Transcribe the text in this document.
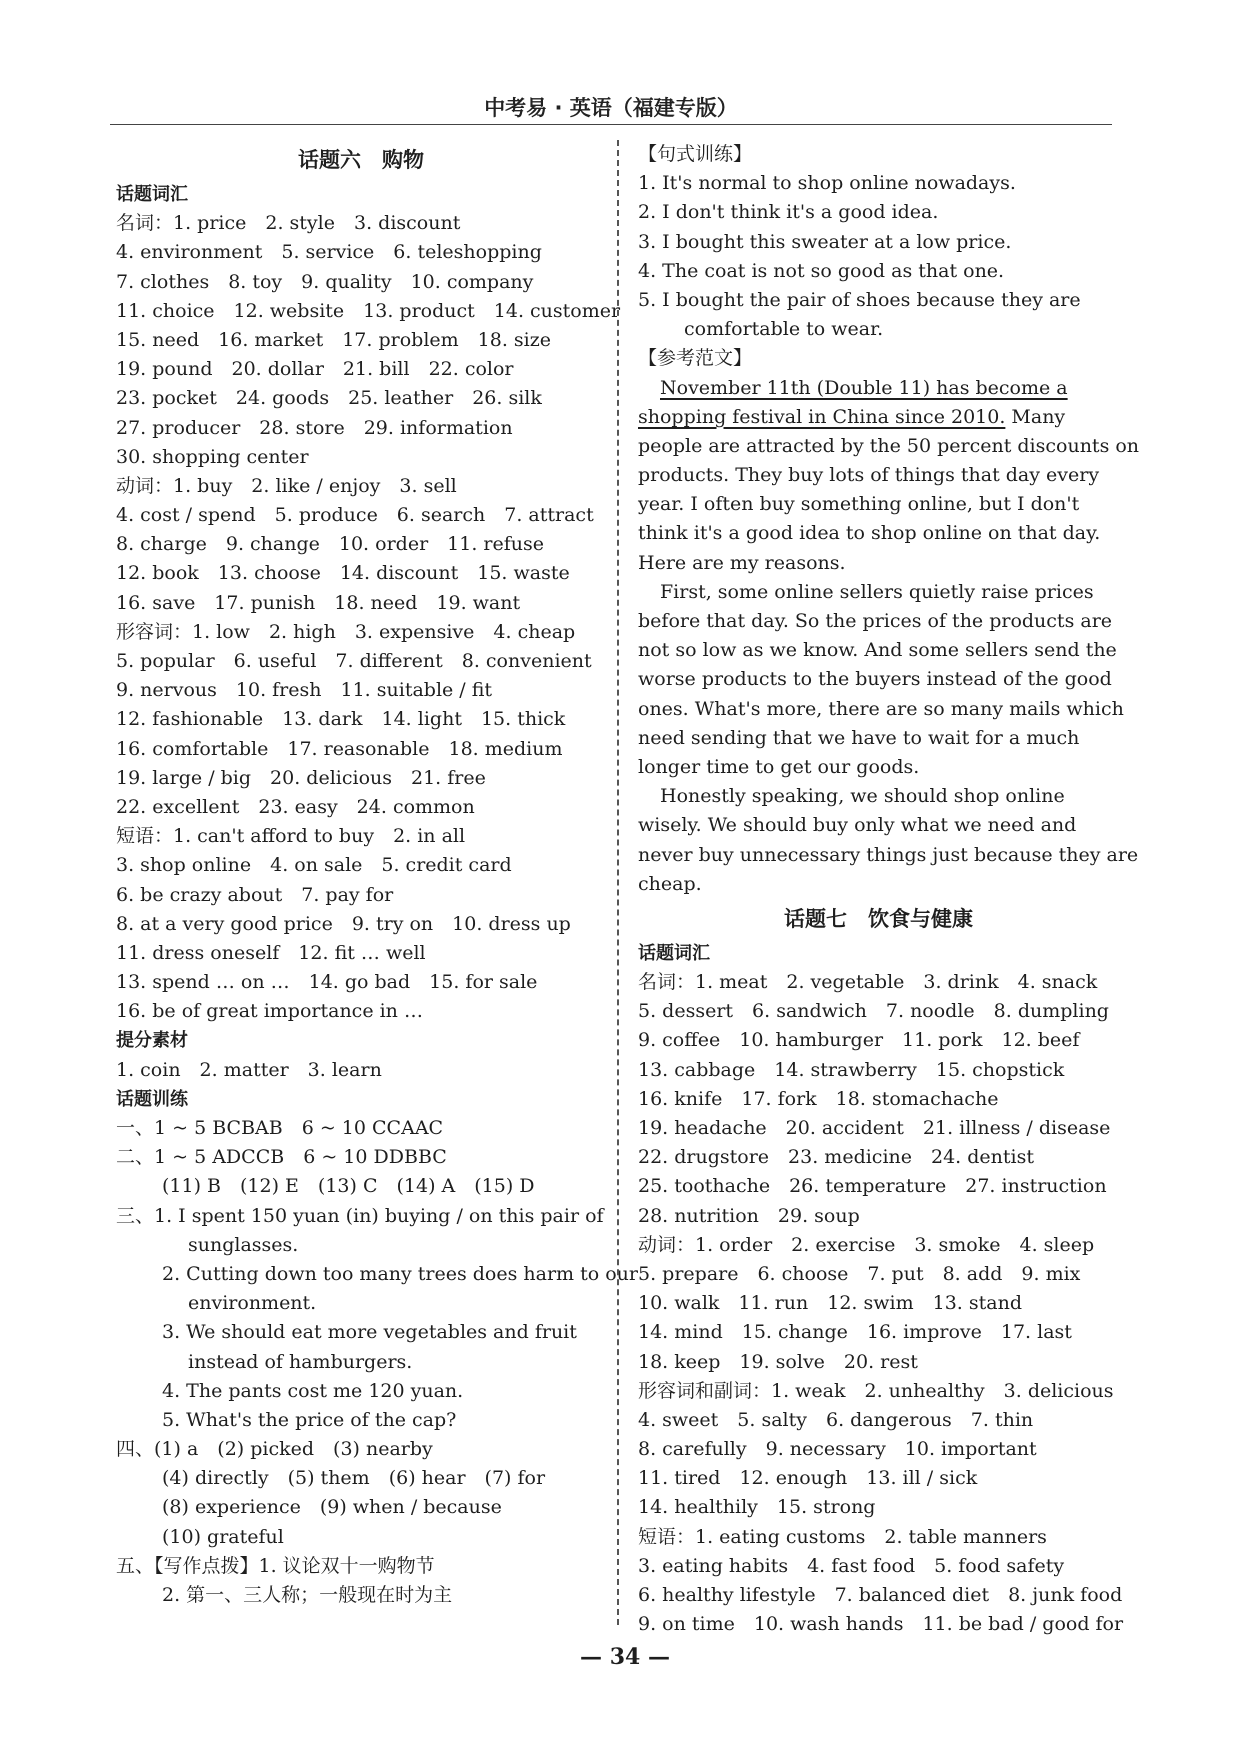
中考易 · 英语（福建专版）
话题六　购物
话题词汇
名词：1. price　2. style　3. discount
4. environment　5. service　6. teleshopping
7. clothes　8. toy　9. quality　10. company
11. choice　12. website　13. product　14. customer
15. need　16. market　17. problem　18. size
19. pound　20. dollar　21. bill　22. color
23. pocket　24. goods　25. leather　26. silk
27. producer　28. store　29. information
30. shopping center
动词：1. buy　2. like / enjoy　3. sell
4. cost / spend　5. produce　6. search　7. attract
8. charge　9. change　10. order　11. refuse
12. book　13. choose　14. discount　15. waste
16. save　17. punish　18. need　19. want
形容词：1. low　2. high　3. expensive　4. cheap
5. popular　6. useful　7. different　8. convenient
9. nervous　10. fresh　11. suitable / fit
12. fashionable　13. dark　14. light　15. thick
16. comfortable　17. reasonable　18. medium
19. large / big　20. delicious　21. free
22. excellent　23. easy　24. common
短语：1. can't afford to buy　2. in all
3. shop online　4. on sale　5. credit card
6. be crazy about　7. pay for
8. at a very good price　9. try on　10. dress up
11. dress oneself　12. fit … well
13. spend … on …　14. go bad　15. for sale
16. be of great importance in …
提分素材
1. coin　2. matter　3. learn
话题训练
一、1 ~ 5 BCBAB　6 ~ 10 CCAAC
二、1 ~ 5 ADCCB　6 ~ 10 DDBBC
(11) B　(12) E　(13) C　(14) A　(15) D
三、1. I spent 150 yuan (in) buying / on this pair of
sunglasses.
2. Cutting down too many trees does harm to our
environment.
3. We should eat more vegetables and fruit
instead of hamburgers.
4. The pants cost me 120 yuan.
5. What's the price of the cap?
四、(1) a　(2) picked　(3) nearby
(4) directly　(5) them　(6) hear　(7) for
(8) experience　(9) when / because
(10) grateful
五、【写作点拨】1. 议论双十一购物节
2. 第一、三人称；一般现在时为主
【句式训练】
1. It's normal to shop online nowadays.
2. I don't think it's a good idea.
3. I bought this sweater at a low price.
4. The coat is not so good as that one.
5. I bought the pair of shoes because they are
comfortable to wear.
【参考范文】
November 11th (Double 11) has become a
shopping festival in China since 2010. Many
people are attracted by the 50 percent discounts on
products. They buy lots of things that day every
year. I often buy something online, but I don't
think it's a good idea to shop online on that day.
Here are my reasons.
First, some online sellers quietly raise prices
before that day. So the prices of the products are
not so low as we know. And some sellers send the
worse products to the buyers instead of the good
ones. What's more, there are so many mails which
need sending that we have to wait for a much
longer time to get our goods.
Honestly speaking, we should shop online
wisely. We should buy only what we need and
never buy unnecessary things just because they are
cheap.
话题七　饮食与健康
话题词汇
名词：1. meat　2. vegetable　3. drink　4. snack
5. dessert　6. sandwich　7. noodle　8. dumpling
9. coffee　10. hamburger　11. pork　12. beef
13. cabbage　14. strawberry　15. chopstick
16. knife　17. fork　18. stomachache
19. headache　20. accident　21. illness / disease
22. drugstore　23. medicine　24. dentist
25. toothache　26. temperature　27. instruction
28. nutrition　29. soup
动词：1. order　2. exercise　3. smoke　4. sleep
5. prepare　6. choose　7. put　8. add　9. mix
10. walk　11. run　12. swim　13. stand
14. mind　15. change　16. improve　17. last
18. keep　19. solve　20. rest
形容词和副词：1. weak　2. unhealthy　3. delicious
4. sweet　5. salty　6. dangerous　7. thin
8. carefully　9. necessary　10. important
11. tired　12. enough　13. ill / sick
14. healthily　15. strong
短语：1. eating customs　2. table manners
3. eating habits　4. fast food　5. food safety
6. healthy lifestyle　7. balanced diet　8. junk food
9. on time　10. wash hands　11. be bad / good for
— 34 —
